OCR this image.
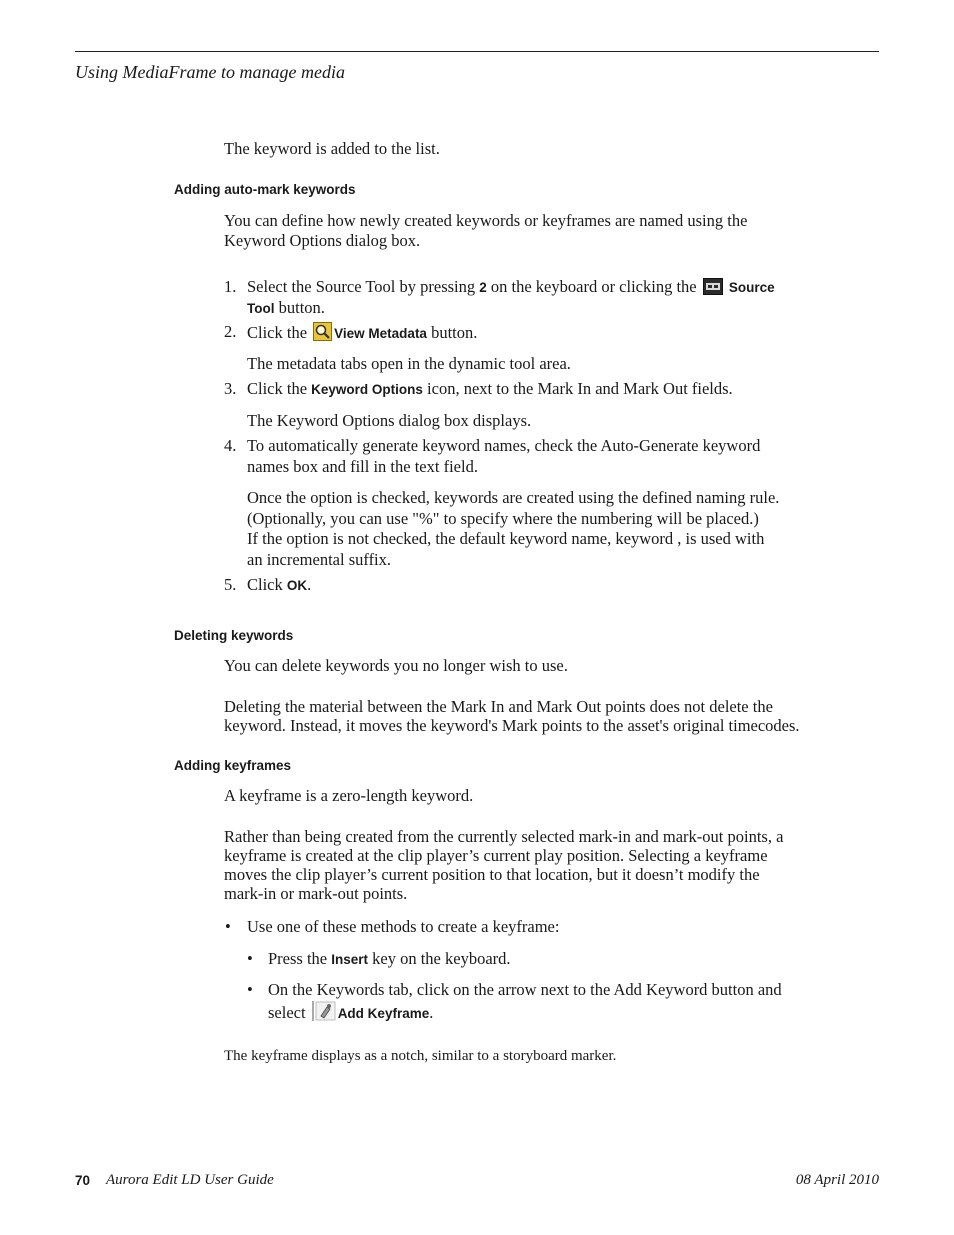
Using MediaFrame to manage media
The keyword is added to the list.
Adding auto-mark keywords
You can define how newly created keywords or keyframes are named using the
Keyword Options dialog box.
1. Select the Source Tool by pressing 2 on the keyboard or clicking the  Source
Tool button.
2. Click the View Metadata button.
The metadata tabs open in the dynamic tool area.
3. Click the Keyword Options icon, next to the Mark In and Mark Out fields.
The Keyword Options dialog box displays.
4. To automatically generate keyword names, check the Auto-Generate keyword
names box and fill in the text field.
Once the option is checked, keywords are created using the defined naming rule.
(Optionally, you can use "%" to specify where the numbering will be placed.)
If the option is not checked, the default keyword name, keyword , is used with
an incremental suffix.
5. Click OK.
Deleting keywords
You can delete keywords you no longer wish to use.
Deleting the material between the Mark In and Mark Out points does not delete the
keyword. Instead, it moves the keyword's Mark points to the asset's original timecodes.
Adding keyframes
A keyframe is a zero-length keyword.
Rather than being created from the currently selected mark-in and mark-out points, a
keyframe is created at the clip player’s current play position. Selecting a keyframe
moves the clip player’s current position to that location, but it doesn’t modify the
mark-in or mark-out points.
• Use one of these methods to create a keyframe:
• Press the Insert key on the keyboard.
• On the Keywords tab, click on the arrow next to the Add Keyword button and
select Add Keyframe.
The keyframe displays as a notch, similar to a storyboard marker.
70 Aurora Edit LD User Guide	08 April 2010
